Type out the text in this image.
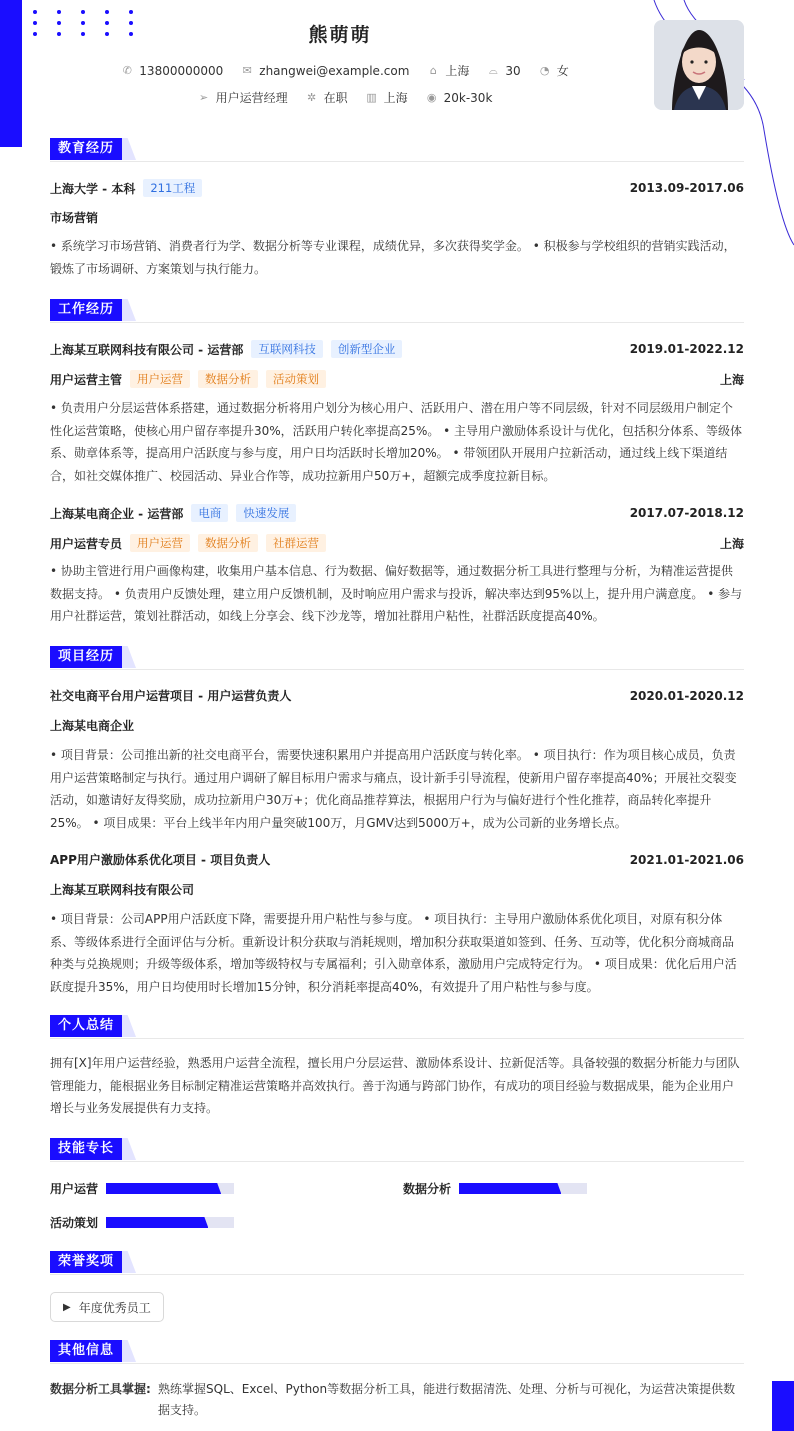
熊萌萌
✆ 13800000000 ✉ zhangwei@example.com ⌂ 上海 ⌓ 30 ◔ 女
➢ 用户运营经理 ✲ 在职 ▥ 上海 ◉ 20k-30k
教育经历
上海大学 - 本科	211工程	2013.09-2017.06
市场营销
• 系统学习市场营销、消费者行为学、数据分析等专业课程，成绩优异，多次获得奖学金。 • 积极参与学校组织的营销实践活动，锻炼了市场调研、方案策划与执行能力。
工作经历
上海某互联网科技有限公司 - 运营部	互联网科技	创新型企业	2019.01-2022.12
用户运营主管	用户运营	数据分析	活动策划	上海
• 负责用户分层运营体系搭建，通过数据分析将用户划分为核心用户、活跃用户、潜在用户等不同层级，针对不同层级用户制定个性化运营策略，使核心用户留存率提升30%，活跃用户转化率提高25%。 • 主导用户激励体系设计与优化，包括积分体系、等级体系、勋章体系等，提高用户活跃度与参与度，用户日均活跃时长增加20%。 • 带领团队开展用户拉新活动，通过线上线下渠道结合，如社交媒体推广、校园活动、异业合作等，成功拉新用户50万+，超额完成季度拉新目标。
上海某电商企业 - 运营部	电商	快速发展	2017.07-2018.12
用户运营专员	用户运营	数据分析	社群运营	上海
• 协助主管进行用户画像构建，收集用户基本信息、行为数据、偏好数据等，通过数据分析工具进行整理与分析，为精准运营提供数据支持。 • 负责用户反馈处理，建立用户反馈机制，及时响应用户需求与投诉，解决率达到95%以上，提升用户满意度。 • 参与用户社群运营，策划社群活动，如线上分享会、线下沙龙等，增加社群用户粘性，社群活跃度提高40%。
项目经历
社交电商平台用户运营项目 - 用户运营负责人	2020.01-2020.12
上海某电商企业
• 项目背景：公司推出新的社交电商平台，需要快速积累用户并提高用户活跃度与转化率。 • 项目执行：作为项目核心成员，负责用户运营策略制定与执行。通过用户调研了解目标用户需求与痛点，设计新手引导流程，使新用户留存率提高40%；开展社交裂变活动，如邀请好友得奖励，成功拉新用户30万+；优化商品推荐算法，根据用户行为与偏好进行个性化推荐，商品转化率提升25%。 • 项目成果：平台上线半年内用户量突破100万，月GMV达到5000万+，成为公司新的业务增长点。
APP用户激励体系优化项目 - 项目负责人	2021.01-2021.06
上海某互联网科技有限公司
• 项目背景：公司APP用户活跃度下降，需要提升用户粘性与参与度。 • 项目执行：主导用户激励体系优化项目，对原有积分体系、等级体系进行全面评估与分析。重新设计积分获取与消耗规则，增加积分获取渠道如签到、任务、互动等，优化积分商城商品种类与兑换规则；升级等级体系，增加等级特权与专属福利；引入勋章体系，激励用户完成特定行为。 • 项目成果：优化后用户活跃度提升35%，用户日均使用时长增加15分钟，积分消耗率提高40%，有效提升了用户粘性与参与度。
个人总结
拥有[X]年用户运营经验，熟悉用户运营全流程，擅长用户分层运营、激励体系设计、拉新促活等。具备较强的数据分析能力与团队管理能力，能根据业务目标制定精准运营策略并高效执行。善于沟通与跨部门协作，有成功的项目经验与数据成果，能为企业用户增长与业务发展提供有力支持。
技能专长
用户运营	数据分析
活动策划
荣誉奖项
▶ 年度优秀员工
其他信息
数据分析工具掌握: 熟练掌握SQL、Excel、Python等数据分析工具，能进行数据清洗、处理、分析与可视化，为运营决策提供数据支持。
